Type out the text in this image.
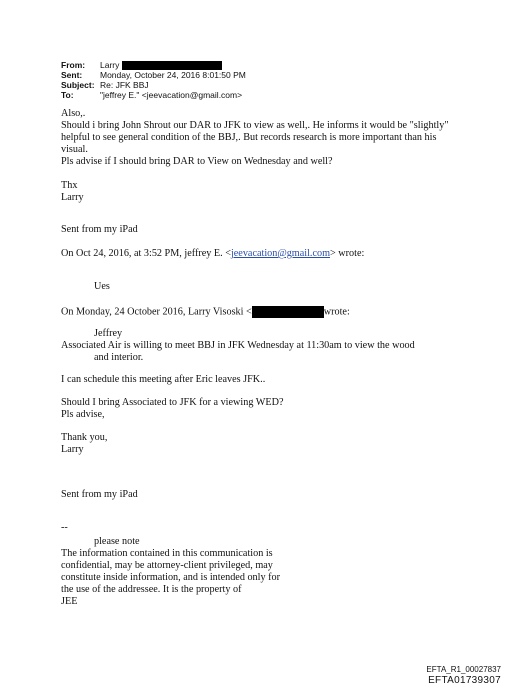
From: Larry
Sent: Monday, October 24, 2016 8:01:50 PM
Subject: Re: JFK BBJ
To:	"jeffrey E." <jeevacation@gmail.com>
Also,.
Should i bring John Shrout our DAR to JFK to view as well,. He informs it would be "slightly"
helpful to see general condition of the BBJ,. But records research is more important than his
visual.
Pls advise if I should bring DAR to View on Wednesday and well?
Thx
Larry
Sent from my iPad
On Oct 24, 2016, at 3:52 PM, jeffrey E. <jeevacation@gmail.com> wrote:
Ues
On Monday, 24 October 2016, Larry Visoski <	wrote:
Jeffrey
Associated Air is willing to meet BBJ in JFK Wednesday at 11:30am to view the wood
and interior.
I can schedule this meeting after Eric leaves JFK..
Should I bring Associated to JFK for a viewing WED?
Pls advise,
Thank you,
Larry
Sent from my iPad
--
please note
The information contained in this communication is
confidential, may be attorney-client privileged, may
constitute inside information, and is intended only for
the use of the addressee. It is the property of
JEE
EFTA_R1_00027837
EFTA01739307
